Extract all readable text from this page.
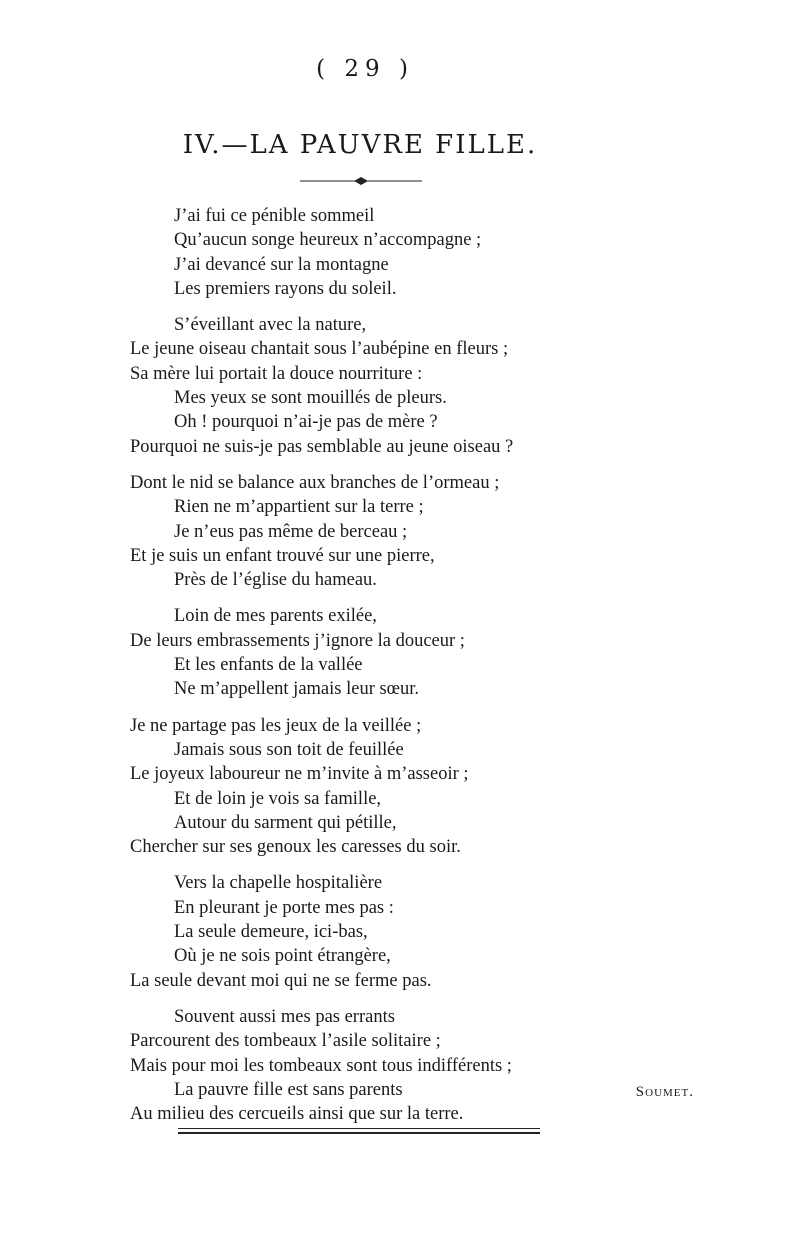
( 29 )
IV.—LA PAUVRE FILLE.
J’ai fui ce pénible sommeil
Qu’aucun songe heureux n’accompagne ;
J’ai devancé sur la montagne
Les premiers rayons du soleil.
S’éveillant avec la nature,
Le jeune oiseau chantait sous l’aubépine en fleurs ;
Sa mère lui portait la douce nourriture :
Mes yeux se sont mouillés de pleurs.
Oh ! pourquoi n’ai-je pas de mère ?
Pourquoi ne suis-je pas semblable au jeune oiseau ?
Dont le nid se balance aux branches de l’ormeau ;
Rien ne m’appartient sur la terre ;
Je n’eus pas même de berceau ;
Et je suis un enfant trouvé sur une pierre,
Près de l’église du hameau.
Loin de mes parents exilée,
De leurs embrassements j’ignore la douceur ;
Et les enfants de la vallée
Ne m’appellent jamais leur sœur.
Je ne partage pas les jeux de la veillée ;
Jamais sous son toit de feuillée
Le joyeux laboureur ne m’invite à m’asseoir ;
Et de loin je vois sa famille,
Autour du sarment qui pétille,
Chercher sur ses genoux les caresses du soir.
Vers la chapelle hospitalière
En pleurant je porte mes pas :
La seule demeure, ici-bas,
Où je ne sois point étrangère,
La seule devant moi qui ne se ferme pas.
Souvent aussi mes pas errants
Parcourent des tombeaux l’asile solitaire ;
Mais pour moi les tombeaux sont tous indifférents ;
La pauvre fille est sans parents
Au milieu des cercueils ainsi que sur la terre.
Soumet.
